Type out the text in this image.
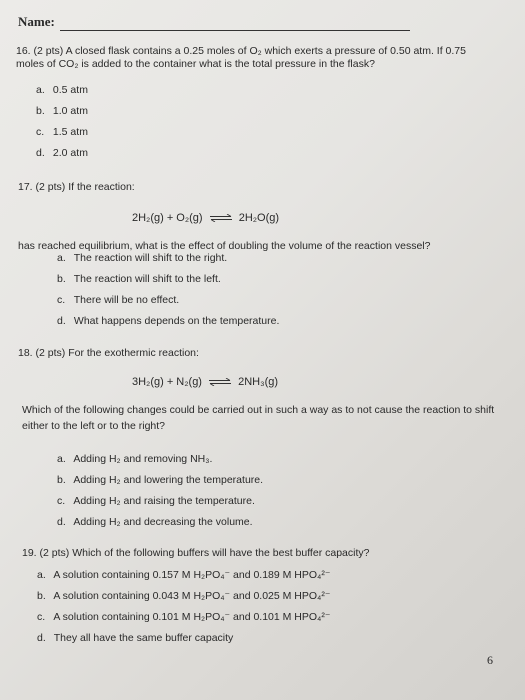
Name:

16. (2 pts) A closed flask contains a 0.25 moles of O₂ which exerts a pressure of 0.50 atm. If 0.75

moles of CO₂ is added to the container what is the total pressure in the flask?

a. 0.5 atm
b. 1.0 atm
c. 1.5 atm
d. 2.0 atm

17. (2 pts) If the reaction:

2H₂(g) + O₂(g) ⇌ 2H₂O(g)

has reached equilibrium, what is the effect of doubling the volume of the reaction vessel?

a. The reaction will shift to the right.
b. The reaction will shift to the left.
c. There will be no effect.
d. What happens depends on the temperature.

18. (2 pts) For the exothermic reaction:

3H₂(g) + N₂(g) ⇌ 2NH₃(g)

Which of the following changes could be carried out in such a way as to not cause the reaction to shift

either to the left or to the right?

a. Adding H₂ and removing NH₃.
b. Adding H₂ and lowering the temperature.
c. Adding H₂ and raising the temperature.
d. Adding H₂ and decreasing the volume.

19. (2 pts) Which of the following buffers will have the best buffer capacity?

a. A solution containing 0.157 M H₂PO₄⁻ and 0.189 M HPO₄²⁻
b. A solution containing 0.043 M H₂PO₄⁻ and 0.025 M HPO₄²⁻
c. A solution containing 0.101 M H₂PO₄⁻ and 0.101 M HPO₄²⁻
d. They all have the same buffer capacity
6
